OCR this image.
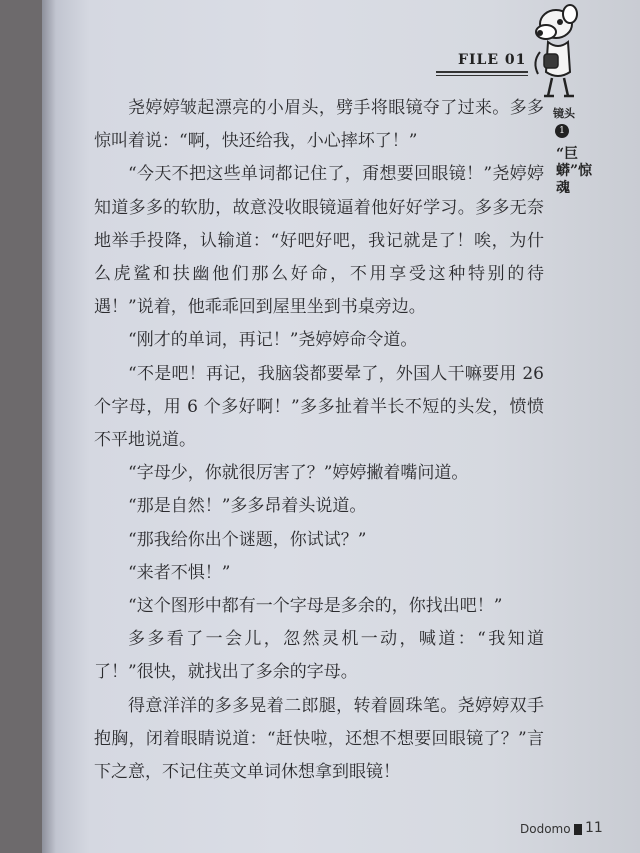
FILE 01
镜头
1
“巨蟒”惊魂

尧婷婷皱起漂亮的小眉头，劈手将眼镜夺了过来。多多惊叫着说：“啊，快还给我，小心摔坏了！”

“今天不把这些单词都记住了，甭想要回眼镜！”尧婷婷知道多多的软肋，故意没收眼镜逼着他好好学习。多多无奈地举手投降，认输道：“好吧好吧，我记就是了！唉，为什么虎鲨和扶幽他们那么好命，不用享受这种特别的待遇！”说着，他乖乖回到屋里坐到书桌旁边。

“刚才的单词，再记！”尧婷婷命令道。

“不是吧！再记，我脑袋都要晕了，外国人干嘛要用 26 个字母，用 6 个多好啊！”多多扯着半长不短的头发，愤愤不平地说道。

“字母少，你就很厉害了？”婷婷撇着嘴问道。

“那是自然！”多多昂着头说道。

“那我给你出个谜题，你试试？”

“来者不惧！”

“这个图形中都有一个字母是多余的，你找出吧！”

多多看了一会儿，忽然灵机一动，喊道：“我知道了！”很快，就找出了多余的字母。

得意洋洋的多多晃着二郎腿，转着圆珠笔。尧婷婷双手抱胸，闭着眼睛说道：“赶快啦，还想不想要回眼镜了？”言下之意，不记住英文单词休想拿到眼镜！

Dodomo 11
